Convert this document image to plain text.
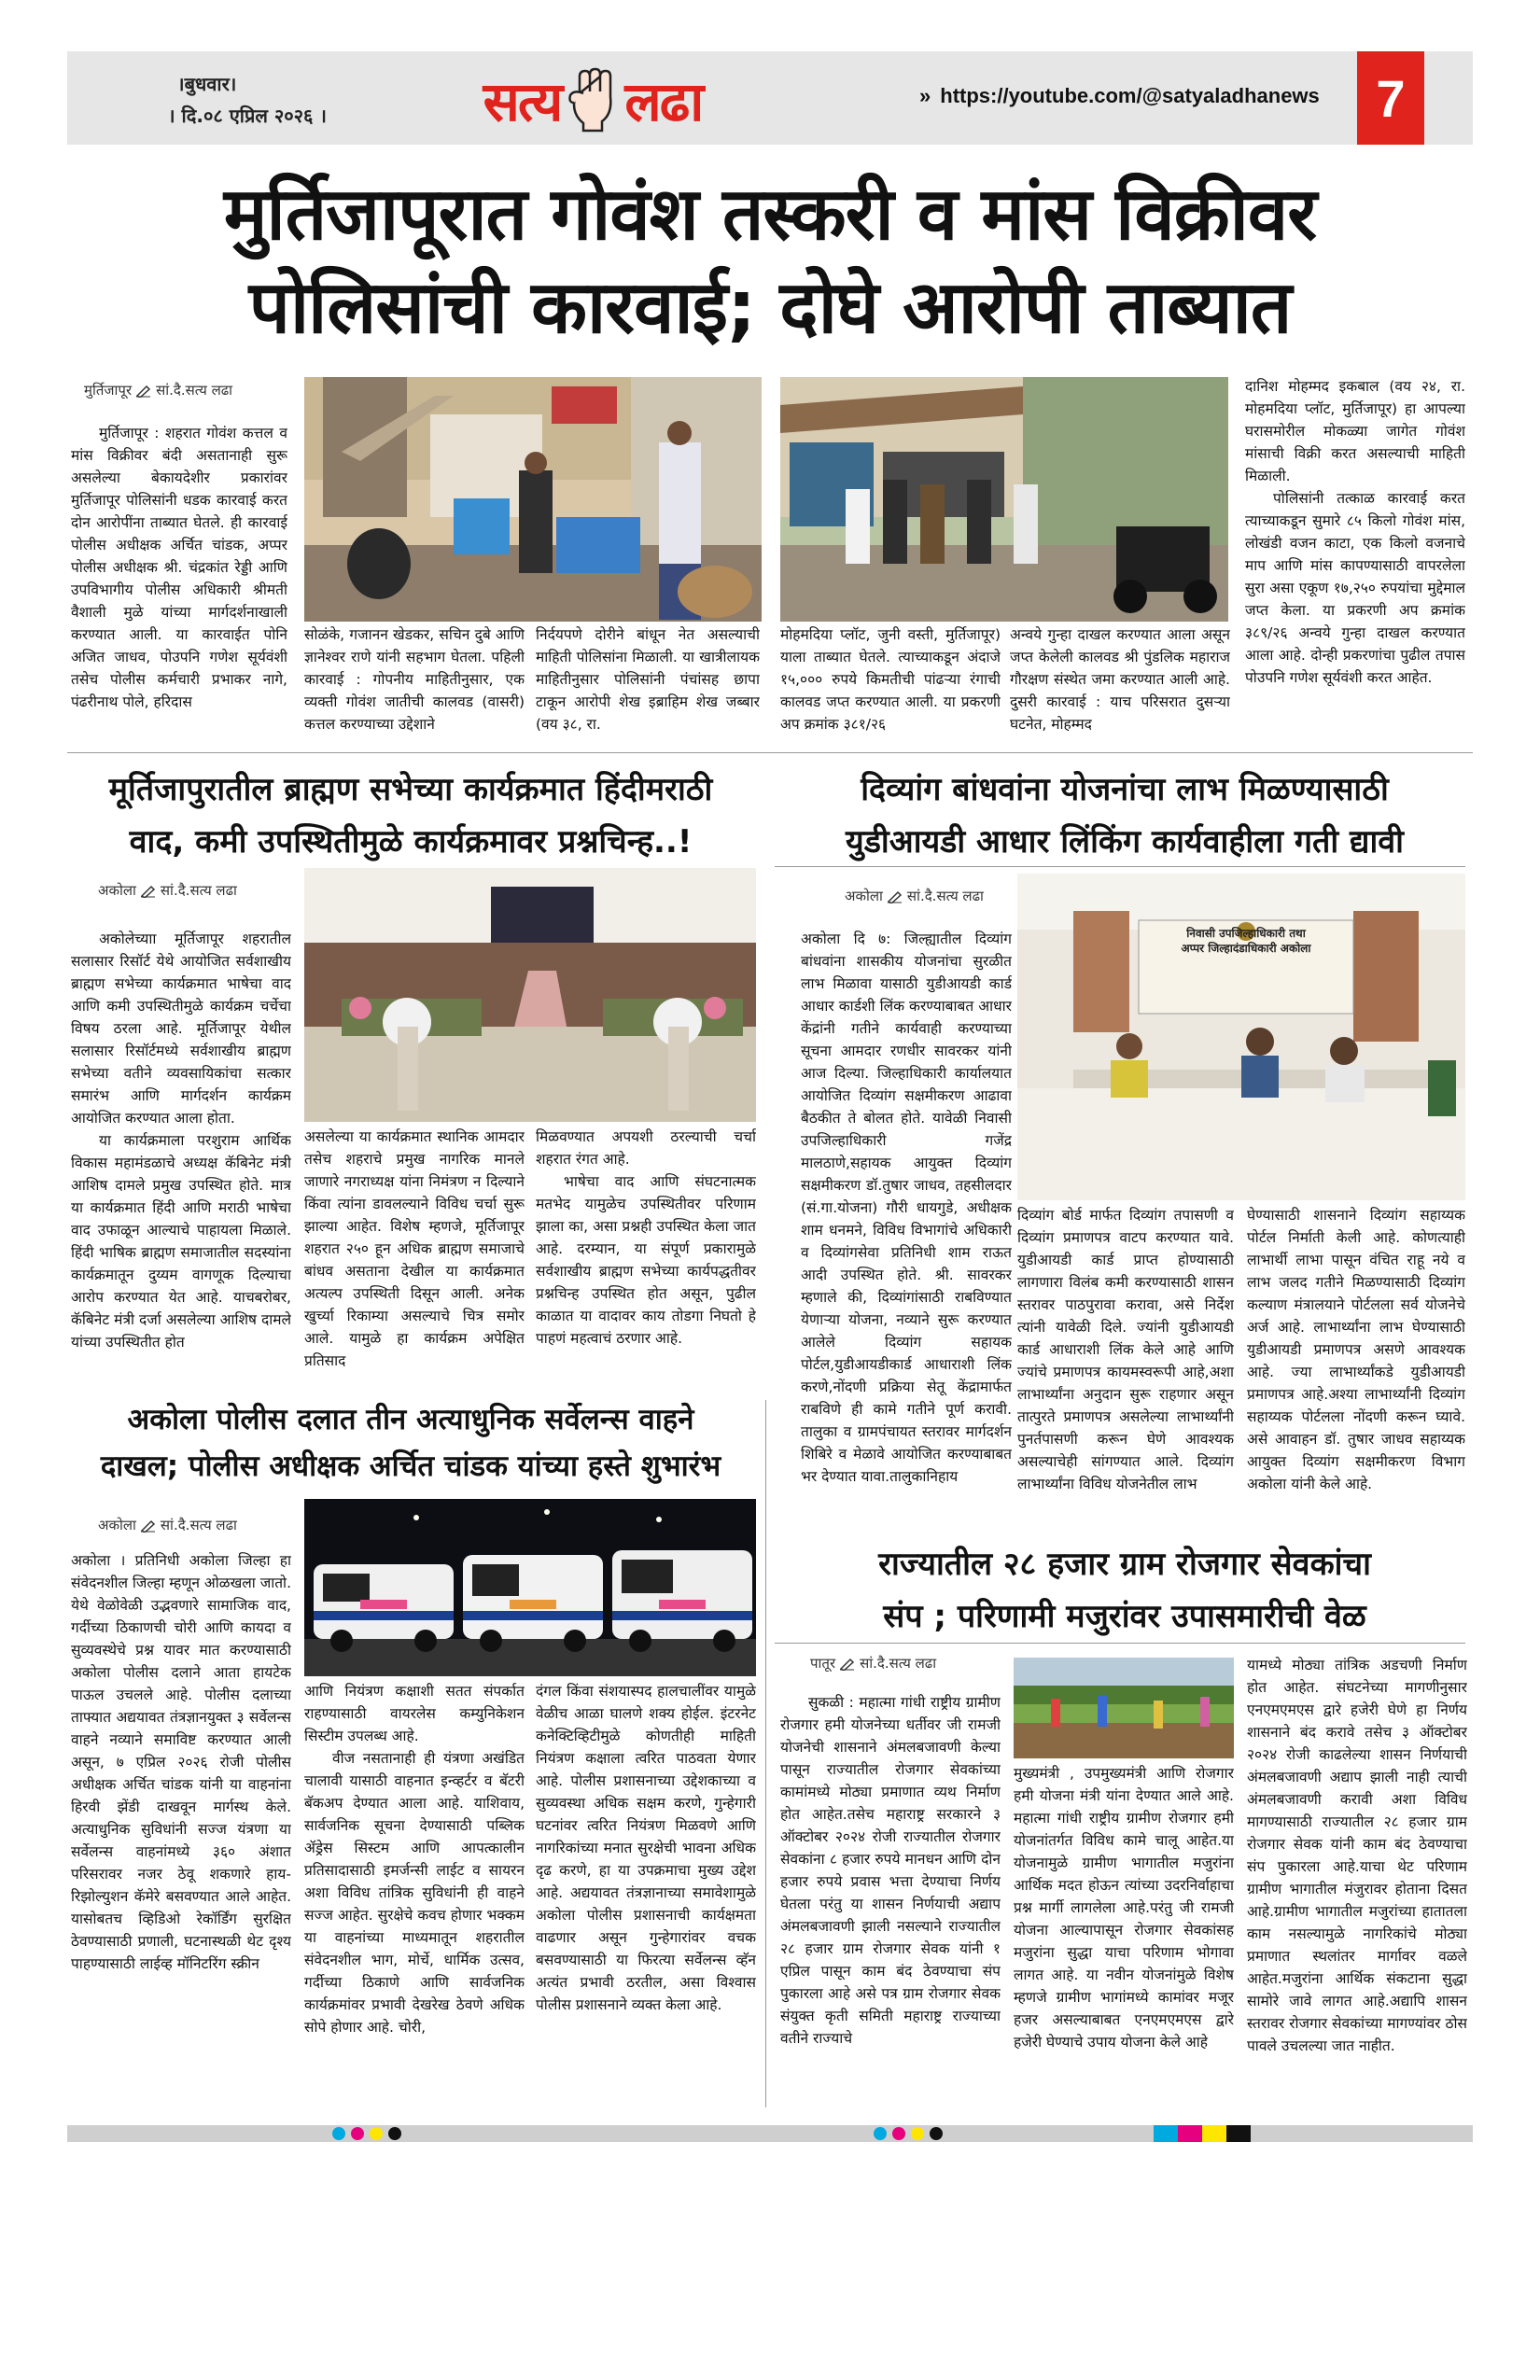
।बुधवार।
। दि.०८ एप्रिल २०२६ ।	सत्य लढा	» https://youtube.com/@satyaladhanews	7
मुर्तिजापूरात गोवंश तस्करी व मांस विक्रीवर
पोलिसांची कारवाई; दोघे आरोपी ताब्यात
मुर्तिजापूर सां.दै.सत्य लढा

मुर्तिजापूर : शहरात गोवंश कत्तल व मांस विक्रीवर बंदी असतानाही सुरू असलेल्या बेकायदेशीर प्रकारांवर मुर्तिजापूर पोलिसांनी धडक कारवाई करत दोन आरोपींना ताब्यात घेतले. ही कारवाई पोलीस अधीक्षक अर्चित चांडक, अप्पर पोलीस अधीक्षक श्री. चंद्रकांत रेड्डी आणि उपविभागीय पोलीस अधिकारी श्रीमती वैशाली मुळे यांच्या मार्गदर्शनाखाली करण्यात आली. या कारवाईत पोनि अजित जाधव, पोउपनि गणेश सूर्यवंशी तसेच पोलीस कर्मचारी प्रभाकर नागे, पंढरीनाथ पोले, हरिदास

सोळंके, गजानन खेडकर, सचिन दुबे आणि ज्ञानेश्वर राणे यांनी सहभाग घेतला. पहिली कारवाई : गोपनीय माहितीनुसार, एक व्यक्ती गोवंश जातीची कालवड (वासरी) कत्तल करण्याच्या उद्देशाने

निर्दयपणे दोरीने बांधून नेत असल्याची माहिती पोलिसांना मिळाली. या खात्रीलायक माहितीनुसार पोलिसांनी पंचांसह छापा टाकून आरोपी शेख इब्राहिम शेख जब्बार (वय ३८, रा.

मोहमदिया प्लॉट, जुनी वस्ती, मुर्तिजापूर) याला ताब्यात घेतले. त्याच्याकडून अंदाजे १५,००० रुपये किमतीची पांढऱ्या रंगाची कालवड जप्त करण्यात आली. या प्रकरणी अप क्रमांक ३८१/२६

अन्वये गुन्हा दाखल करण्यात आला असून जप्त केलेली कालवड श्री पुंडलिक महाराज गौरक्षण संस्थेत जमा करण्यात आली आहे. दुसरी कारवाई : याच परिसरात दुसऱ्या घटनेत, मोहम्मद

दानिश मोहम्मद इकबाल (वय २४, रा. मोहमदिया प्लॉट, मुर्तिजापूर) हा आपल्या घरासमोरील मोकळ्या जागेत गोवंश मांसाची विक्री करत असल्याची माहिती मिळाली.

पोलिसांनी तत्काळ कारवाई करत त्याच्याकडून सुमारे ८५ किलो गोवंश मांस, लोखंडी वजन काटा, एक किलो वजनाचे माप आणि मांस कापण्यासाठी वापरलेला सुरा असा एकूण १७,२५० रुपयांचा मुद्देमाल जप्त केला. या प्रकरणी अप क्रमांक ३८९/२६ अन्वये गुन्हा दाखल करण्यात आला आहे. दोन्ही प्रकरणांचा पुढील तपास पोउपनि गणेश सूर्यवंशी करत आहेत.

मूर्तिजापुरातील ब्राह्मण सभेच्या कार्यक्रमात हिंदीमराठी
वाद, कमी उपस्थितीमुळे कार्यक्रमावर प्रश्नचिन्ह..!
अकोला सां.दै.सत्य लढा

अकोलेच्याा मूर्तिजापूर शहरातील सलासार रिसॉर्ट येथे आयोजित सर्वशाखीय ब्राह्मण सभेच्या कार्यक्रमात भाषेचा वाद आणि कमी उपस्थितीमुळे कार्यक्रम चर्चेचा विषय ठरला आहे. मूर्तिजापूर येथील सलासार रिसॉर्टमध्ये सर्वशाखीय ब्राह्मण सभेच्या वतीने व्यवसायिकांचा सत्कार समारंभ आणि मार्गदर्शन कार्यक्रम आयोजित करण्यात आला होता.

या कार्यक्रमाला परशुराम आर्थिक विकास महामंडळाचे अध्यक्ष कॅबिनेट मंत्री आशिष दामले प्रमुख उपस्थित होते. मात्र या कार्यक्रमात हिंदी आणि मराठी भाषेचा वाद उफाळून आल्याचे पाहायला मिळाले. हिंदी भाषिक ब्राह्मण समाजातील सदस्यांना कार्यक्रमातून दुय्यम वागणूक दिल्याचा आरोप करण्यात येत आहे. याचबरोबर, कॅबिनेट मंत्री दर्जा असलेल्या आशिष दामले यांच्या उपस्थितीत होत

असलेल्या या कार्यक्रमात स्थानिक आमदार तसेच शहराचे प्रमुख नागरिक मानले जाणारे नगराध्यक्ष यांना निमंत्रण न दिल्याने किंवा त्यांना डावलल्याने विविध चर्चा सुरू झाल्या आहेत. विशेष म्हणजे, मूर्तिजापूर शहरात २५० हून अधिक ब्राह्मण समाजाचे बांधव असताना देखील या कार्यक्रमात अत्यल्प उपस्थिती दिसून आली. अनेक खुर्च्या रिकाम्या असल्याचे चित्र समोर आले. यामुळे हा कार्यक्रम अपेक्षित प्रतिसाद

मिळवण्यात अपयशी ठरल्याची चर्चा शहरात रंगत आहे.

भाषेचा वाद आणि संघटनात्मक मतभेद यामुळेच उपस्थितीवर परिणाम झाला का, असा प्रश्नही उपस्थित केला जात आहे. दरम्यान, या संपूर्ण प्रकारामुळे सर्वशाखीय ब्राह्मण सभेच्या कार्यपद्धतीवर प्रश्नचिन्ह उपस्थित होत असून, पुढील काळात या वादावर काय तोडगा निघतो हे पाहणं महत्वाचं ठरणार आहे.

दिव्यांग बांधवांना योजनांचा लाभ मिळण्यासाठी
युडीआयडी आधार लिंकिंग कार्यवाहीला गती द्यावी
अकोला सां.दै.सत्य लढा

अकोला दि ७: जिल्ह्यातील दिव्यांग बांधवांना शासकीय योजनांचा सुरळीत लाभ मिळावा यासाठी युडीआयडी कार्ड आधार कार्डशी लिंक करण्याबाबत आधार केंद्रांनी गतीने कार्यवाही करण्याच्या सूचना आमदार रणधीर सावरकर यांनी आज दिल्या. जिल्हाधिकारी कार्यालयात आयोजित दिव्यांग सक्षमीकरण आढावा बैठकीत ते बोलत होते. यावेळी निवासी उपजिल्हाधिकारी गजेंद्र मालठाणे,सहायक आयुक्त दिव्यांग सक्षमीकरण डॉ.तुषार जाधव, तहसीलदार (सं.गा.योजना) गौरी धायगुडे, अधीक्षक शाम धनमने, विविध विभागांचे अधिकारी व दिव्यांगसेवा प्रतिनिधी शाम राऊत आदी उपस्थित होते. श्री. सावरकर म्हणाले की, दिव्यांगांसाठी राबविण्यात येणाऱ्या योजना, नव्याने सुरू करण्यात आलेले दिव्यांग सहायक पोर्टल,युडीआयडीकार्ड आधाराशी लिंक करणे,नोंदणी प्रक्रिया सेतू केंद्रामार्फत राबविणे ही कामे गतीने पूर्ण करावी. तालुका व ग्रामपंचायत स्तरावर मार्गदर्शन शिबिरे व मेळावे आयोजित करण्याबाबत भर देण्यात यावा.तालुकानिहाय

निवासी उपजिल्हाधिकारी तथा
अप्पर जिल्हादंडाधिकारी अकोला

दिव्यांग बोर्ड मार्फत दिव्यांग तपासणी व दिव्यांग प्रमाणपत्र वाटप करण्यात यावे. युडीआयडी कार्ड प्राप्त होण्यासाठी लागणारा विलंब कमी करण्यासाठी शासन स्तरावर पाठपुरावा करावा, असे निर्देश त्यांनी यावेळी दिले. ज्यांनी युडीआयडी कार्ड आधाराशी लिंक केले आहे आणि ज्यांचे प्रमाणपत्र कायमस्वरूपी आहे,अशा लाभार्थ्यांना अनुदान सुरू राहणार असून तात्पुरते प्रमाणपत्र असलेल्या लाभार्थ्यांनी पुनर्तपासणी करून घेणे आवश्यक असल्याचेही सांगण्यात आले. दिव्यांग लाभार्थ्यांना विविध योजनेतील लाभ

घेण्यासाठी शासनाने दिव्यांग सहाय्यक पोर्टल निर्माती केली आहे. कोणत्याही लाभार्थी लाभा पासून वंचित राहू नये व लाभ जलद गतीने मिळण्यासाठी दिव्यांग कल्याण मंत्रालयाने पोर्टलला सर्व योजनेचे अर्ज आहे. लाभार्थ्यांना लाभ घेण्यासाठी युडीआयडी प्रमाणपत्र असणे आवश्यक आहे. ज्या लाभार्थ्यांकडे युडीआयडी प्रमाणपत्र आहे.अश्या लाभार्थ्यांनी दिव्यांग सहाय्यक पोर्टलला नोंदणी करून घ्यावे. असे आवाहन डॉ. तुषार जाधव सहाय्यक आयुक्त दिव्यांग सक्षमीकरण विभाग अकोला यांनी केले आहे.

अकोला पोलीस दलात तीन अत्याधुनिक सर्वेलन्स वाहने
दाखल; पोलीस अधीक्षक अर्चित चांडक यांच्या हस्ते शुभारंभ
अकोला सां.दै.सत्य लढा

अकोला । प्रतिनिधी अकोला जिल्हा हा संवेदनशील जिल्हा म्हणून ओळखला जातो. येथे वेळोवेळी उद्भवणारे सामाजिक वाद, गर्दीच्या ठिकाणची चोरी आणि कायदा व सुव्यवस्थेचे प्रश्न यावर मात करण्यासाठी अकोला पोलीस दलाने आता हायटेक पाऊल उचलले आहे. पोलीस दलाच्या ताफ्यात अद्ययावत तंत्रज्ञानयुक्त ३ सर्वेलन्स वाहने नव्याने समाविष्ट करण्यात आली असून, ७ एप्रिल २०२६ रोजी पोलीस अधीक्षक अर्चित चांडक यांनी या वाहनांना हिरवी झेंडी दाखवून मार्गस्थ केले. अत्याधुनिक सुविधांनी सज्ज यंत्रणा या सर्वेलन्स वाहनांमध्ये ३६० अंशात परिसरावर नजर ठेवू शकणारे हाय-रिझोल्युशन कॅमेरे बसवण्यात आले आहेत. यासोबतच व्हिडिओ रेकॉर्डिंग सुरक्षित ठेवण्यासाठी प्रणाली, घटनास्थळी थेट दृश्य पाहण्यासाठी लाईव्ह मॉनिटरिंग स्क्रीन

आणि नियंत्रण कक्षाशी सतत संपर्कात राहण्यासाठी वायरलेस कम्युनिकेशन सिस्टीम उपलब्ध आहे.

वीज नसतानाही ही यंत्रणा अखंडित चालावी यासाठी वाहनात इन्व्हर्टर व बॅटरी बॅकअप देण्यात आला आहे. याशिवाय, सार्वजनिक सूचना देण्यासाठी पब्लिक ॲड्रेस सिस्टम आणि आपत्कालीन प्रतिसादासाठी इमर्जन्सी लाईट व सायरन अशा विविध तांत्रिक सुविधांनी ही वाहने सज्ज आहेत. सुरक्षेचे कवच होणार भक्कम या वाहनांच्या माध्यमातून शहरातील संवेदनशील भाग, मोर्चे, धार्मिक उत्सव, गर्दीच्या ठिकाणे आणि सार्वजनिक कार्यक्रमांवर प्रभावी देखरेख ठेवणे अधिक सोपे होणार आहे. चोरी,

दंगल किंवा संशयास्पद हालचालींवर यामुळे वेळीच आळा घालणे शक्य होईल. इंटरनेट कनेक्टिव्हिटीमुळे कोणतीही माहिती नियंत्रण कक्षाला त्वरित पाठवता येणार आहे. पोलीस प्रशासनाच्या उद्देशकाच्या व सुव्यवस्था अधिक सक्षम करणे, गुन्हेगारी घटनांवर त्वरित नियंत्रण मिळवणे आणि नागरिकांच्या मनात सुरक्षेची भावना अधिक दृढ करणे, हा या उपक्रमाचा मुख्य उद्देश आहे. अद्ययावत तंत्रज्ञानाच्या समावेशामुळे अकोला पोलीस प्रशासनाची कार्यक्षमता वाढणार असून गुन्हेगारांवर वचक बसवण्यासाठी या फिरत्या सर्वेलन्स व्हॅन अत्यंत प्रभावी ठरतील, असा विश्वास पोलीस प्रशासनाने व्यक्त केला आहे.

राज्यातील २८ हजार ग्राम रोजगार सेवकांचा
संप ; परिणामी मजुरांवर उपासमारीची वेळ
पातूर सां.दै.सत्य लढा

सुकळी : महात्मा गांधी राष्ट्रीय ग्रामीण रोजगार हमी योजनेच्या धर्तीवर जी रामजी योजनेची शासनाने अंमलबजावणी केल्या पासून राज्यातील रोजगार सेवकांच्या कामांमध्ये मोठ्या प्रमाणात व्यथ निर्माण होत आहेत.तसेच महाराष्ट्र सरकारने ३ ऑक्टोबर २०२४ रोजी राज्यातील रोजगार सेवकांना ८ हजार रुपये मानधन आणि दोन हजार रुपये प्रवास भत्ता देण्याचा निर्णय घेतला परंतु या शासन निर्णयाची अद्याप अंमलबजावणी झाली नसल्याने राज्यातील २८ हजार ग्राम रोजगार सेवक यांनी १ एप्रिल पासून काम बंद ठेवण्याचा संप पुकारला आहे असे पत्र ग्राम रोजगार सेवक संयुक्त कृती समिती महाराष्ट्र राज्याच्या वतीने राज्याचे

मुख्यमंत्री , उपमुख्यमंत्री आणि रोजगार हमी योजना मंत्री यांना देण्यात आले आहे. महात्मा गांधी राष्ट्रीय ग्रामीण रोजगार हमी योजनांतर्गत विविध कामे चालू आहेत.या योजनामुळे ग्रामीण भागातील मजुरांना आर्थिक मदत होऊन त्यांच्या उदरनिर्वाहाचा प्रश्न मार्गी लागलेला आहे.परंतु जी रामजी योजना आल्यापासून रोजगार सेवकांसह मजुरांना सुद्धा याचा परिणाम भोगावा लागत आहे. या नवीन योजनांमुळे विशेष म्हणजे ग्रामीण भागांमध्ये कामांवर मजूर हजर असल्याबाबत एनएमएमएस द्वारे हजेरी घेण्याचे उपाय योजना केले आहे

यामध्ये मोठ्या तांत्रिक अडचणी निर्माण होत आहेत. संघटनेच्या मागणीनुसार एनएमएमएस द्वारे हजेरी घेणे हा निर्णय शासनाने बंद करावे तसेच ३ ऑक्टोबर २०२४ रोजी काढलेल्या शासन निर्णयाची अंमलबजावणी अद्याप झाली नाही त्याची अंमलबजावणी करावी अशा विविध मागण्यासाठी राज्यातील २८ हजार ग्राम रोजगार सेवक यांनी काम बंद ठेवण्याचा संप पुकारला आहे.याचा थेट परिणाम ग्रामीण भागातील मंजुरावर होताना दिसत आहे.ग्रामीण भागातील मजुरांच्या हातातला काम नसल्यामुळे नागरिकांचे मोठ्या प्रमाणात स्थलांतर मार्गावर वळले आहेत.मजुरांना आर्थिक संकटाना सुद्धा सामोरे जावे लागत आहे.अद्यापि शासन स्तरावर रोजगार सेवकांच्या मागण्यांवर ठोस पावले उचलल्या जात नाहीत.
